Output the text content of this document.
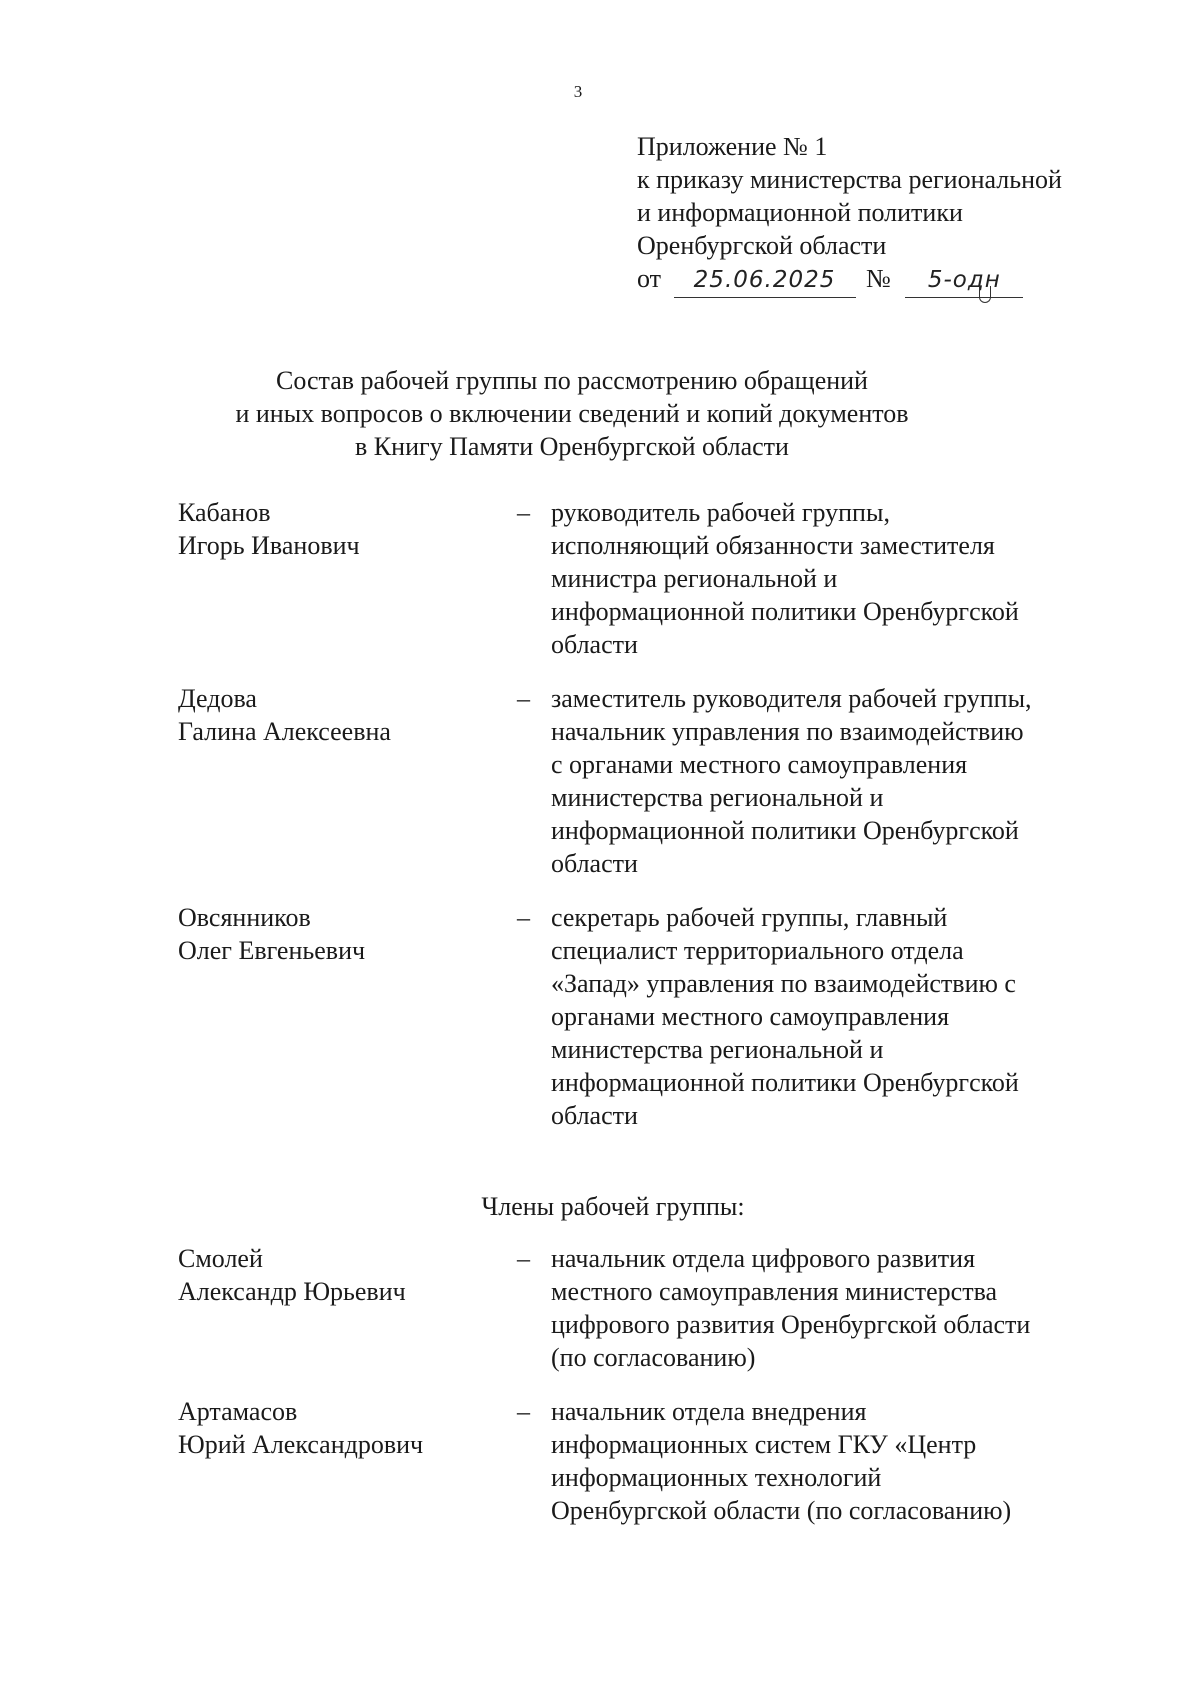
3
Приложение № 1
к приказу министерства региональной
и информационной политики
Оренбургской области
от 25.06.2025 № 5-одн
Состав рабочей группы по рассмотрению обращений
и иных вопросов о включении сведений и копий документов
в Книгу Памяти Оренбургской области
Кабанов
Игорь Иванович
– руководитель рабочей группы,
исполняющий обязанности заместителя
министра региональной и
информационной политики Оренбургской
области
Дедова
Галина Алексеевна
– заместитель руководителя рабочей группы,
начальник управления по взаимодействию
с органами местного самоуправления
министерства региональной и
информационной политики Оренбургской
области
Овсянников
Олег Евгеньевич
– секретарь рабочей группы, главный
специалист территориального отдела
«Запад» управления по взаимодействию с
органами местного самоуправления
министерства региональной и
информационной политики Оренбургской
области
Члены рабочей группы:
Смолей
Александр Юрьевич
– начальник отдела цифрового развития
местного самоуправления министерства
цифрового развития Оренбургской области
(по согласованию)
Артамасов
Юрий Александрович
– начальник отдела внедрения
информационных систем ГКУ «Центр
информационных технологий
Оренбургской области (по согласованию)
